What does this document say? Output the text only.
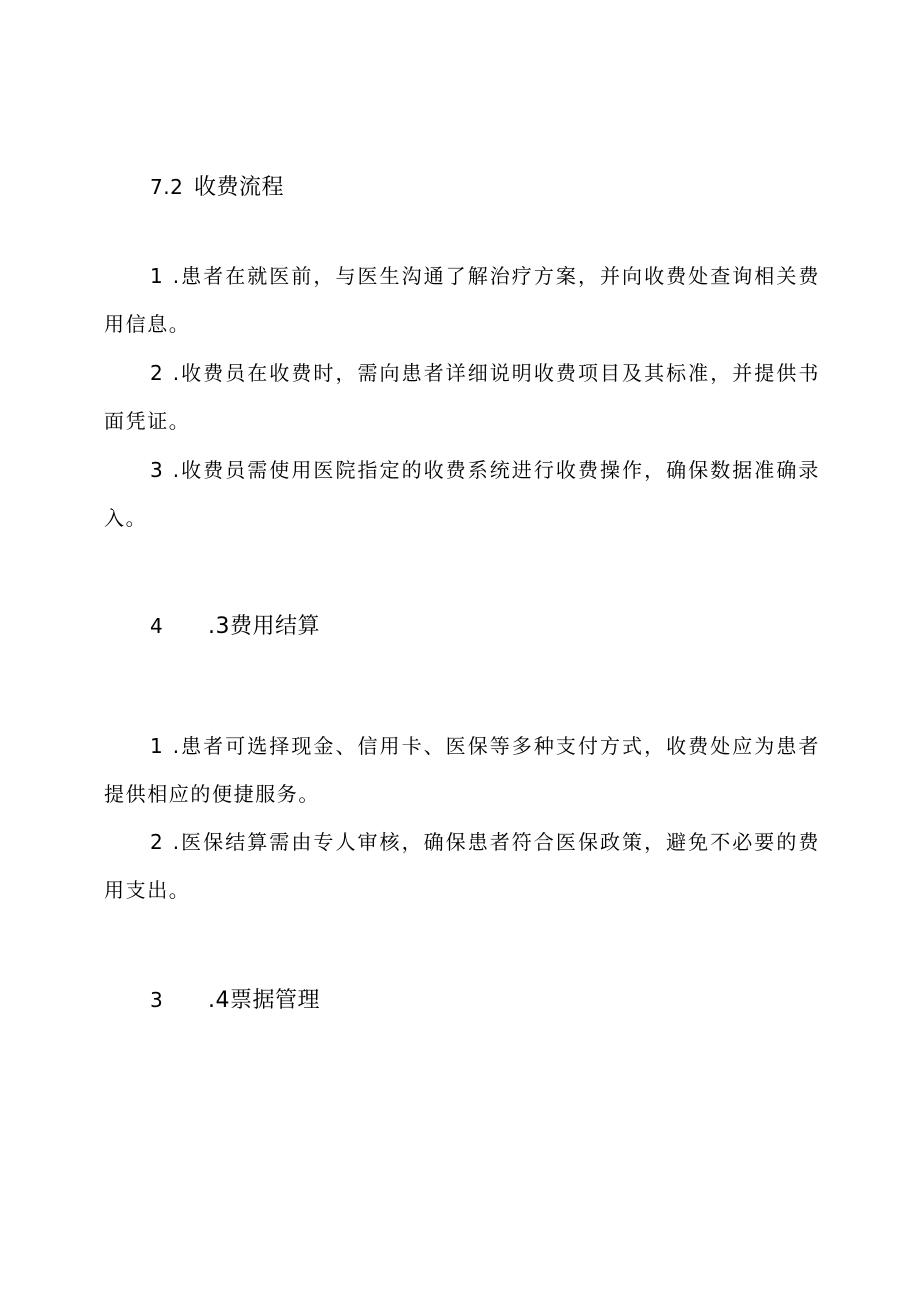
7.2 收费流程
1 .患者在就医前，与医生沟通了解治疗方案，并向收费处查询相关费用信息。
2 .收费员在收费时，需向患者详细说明收费项目及其标准，并提供书面凭证。
3 .收费员需使用医院指定的收费系统进行收费操作，确保数据准确录入。
4 .3费用结算
1 .患者可选择现金、信用卡、医保等多种支付方式，收费处应为患者提供相应的便捷服务。
2 .医保结算需由专人审核，确保患者符合医保政策，避免不必要的费用支出。
3 .4票据管理
